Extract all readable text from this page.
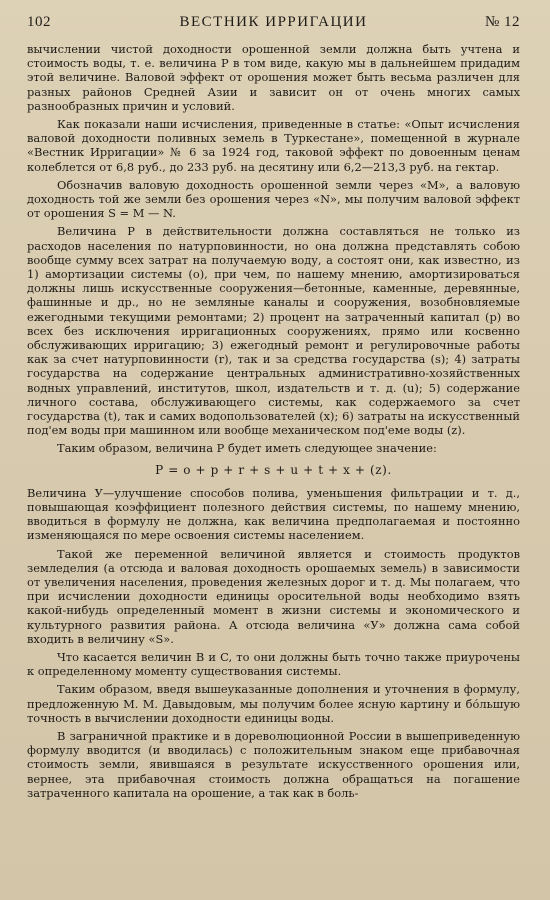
102	ВЕСТНИК ИРРИГАЦИИ	№ 12

вычислении чистой доходности орошенной земли должна быть учтена и стоимость воды, т. е. величина P в том виде, какую мы в дальнейшем придадим этой величине. Валовой эффект от орошения может быть весьма различен для разных районов Средней Азии и зависит он от очень многих самых разнообразных причин и условий.

Как показали наши исчисления, приведенные в статье: «Опыт исчисления валовой доходности поливных земель в Туркестане», помещенной в журнале «Вестник Ирригации» № 6 за 1924 год, таковой эффект по довоенным ценам колеблется от 6,8 руб., до 233 руб. на десятину или 6,2—213,3 руб. на гектар.

Обозначив валовую доходность орошенной земли через «M», а валовую доходность той же земли без орошения через «N», мы получим валовой эффект от орошения S = M — N.

Величина P в действительности должна составляться не только из расходов населения по натурповинности, но она должна представлять собою вообще сумму всех затрат на получаемую воду, а состоят они, как известно, из 1) амортизации системы (о), при чем, по нашему мнению, амортизироваться должны лишь искусственные сооружения—бетонные, каменные, деревянные, фашинные и др., но не земляные каналы и сооружения, возобновляемые ежегодными текущими ремонтами; 2) процент на затраченный капитал (p) во всех без исключения ирригационных сооружениях, прямо или косвенно обслуживающих ирригацию; 3) ежегодный ремонт и регулировочные работы как за счет натурповинности (r), так и за средства государства (s); 4) затраты государства на содержание центральных административно-хозяйственных водных управлений, институтов, школ, издательств и т. д. (u); 5) содержание личного состава, обслуживающего системы, как содержаемого за счет государства (t), так и самих водопользователей (x); 6) затраты на искусственный под'ем воды при машинном или вообще механическом под'еме воды (z).

Таким образом, величина P будет иметь следующее значение:

P = o + p + r + s + u + t + x + (z).

Величина У—улучшение способов полива, уменьшения фильтрации и т. д., повышающая коэффициент полезного действия системы, по нашему мнению, вводиться в формулу не должна, как величина предполагаемая и постоянно изменяющаяся по мере освоения системы населением.

Такой же переменной величиной является и стоимость продуктов земледелия (а отсюда и валовая доходность орошаемых земель) в зависимости от увеличения населения, проведения железных дорог и т. д. Мы полагаем, что при исчислении доходности единицы оросительной воды необходимо взять какой-нибудь определенный момент в жизни системы и экономического и культурного развития района. А отсюда величина «У» должна сама собой входить в величину «S».

Что касается величин B и C, то они должны быть точно также приурочены к определенному моменту существования системы.

Таким образом, введя вышеуказанные дополнения и уточнения в формулу, предложенную М. М. Давыдовым, мы получим более ясную картину и бо́льшую точность в вычислении доходности единицы воды.

В заграничной практике и в дореволюционной России в вышеприведенную формулу вводится (и вводилась) с положительным знаком еще прибавочная стоимость земли, явившаяся в результате искусственного орошения или, вернее, эта прибавочная стоимость должна обращаться на погашение затраченного капитала на орошение, а так как в боль-
